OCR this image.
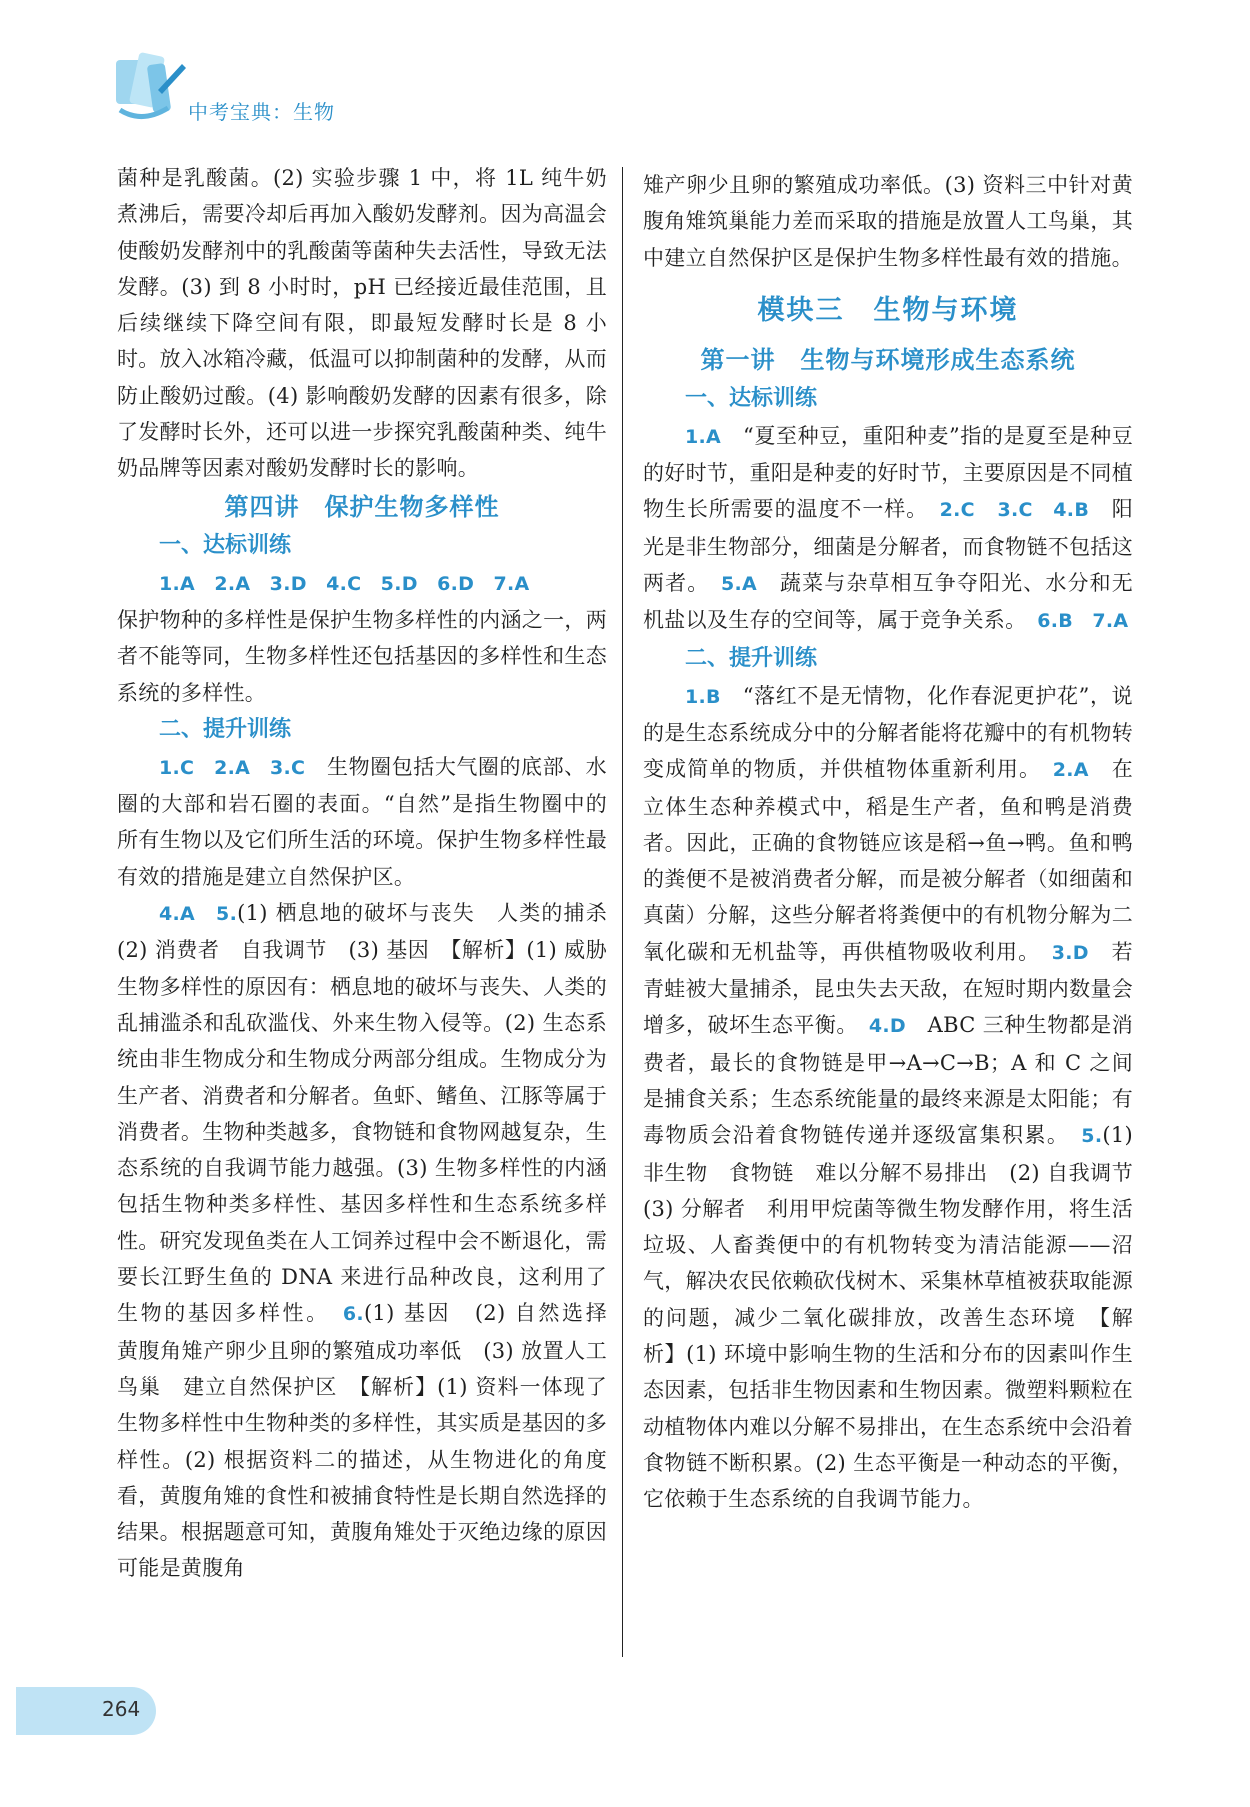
中考宝典：生物

菌种是乳酸菌。(2) 实验步骤 1 中，将 1L 纯牛奶煮沸后，需要冷却后再加入酸奶发酵剂。因为高温会使酸奶发酵剂中的乳酸菌等菌种失去活性，导致无法发酵。(3) 到 8 小时时，pH 已经接近最佳范围，且后续继续下降空间有限，即最短发酵时长是 8 小时。放入冰箱冷藏，低温可以抑制菌种的发酵，从而防止酸奶过酸。(4) 影响酸奶发酵的因素有很多，除了发酵时长外，还可以进一步探究乳酸菌种类、纯牛奶品牌等因素对酸奶发酵时长的影响。

第四讲　保护生物多样性

一、达标训练

1.A　2.A　3.D　4.C　5.D　6.D　7.A

保护物种的多样性是保护生物多样性的内涵之一，两者不能等同，生物多样性还包括基因的多样性和生态系统的多样性。

二、提升训练

1.C　2.A　3.C　 生物圈包括大气圈的底部、水圈的大部和岩石圈的表面。“自然”是指生物圈中的所有生物以及它们所生活的环境。保护生物多样性最有效的措施是建立自然保护区。

4.A　5.(1) 栖息地的破坏与丧失　人类的捕杀　(2) 消费者　自我调节　(3) 基因　【解析】(1) 威胁生物多样性的原因有：栖息地的破坏与丧失、人类的乱捕滥杀和乱砍滥伐、外来生物入侵等。(2) 生态系统由非生物成分和生物成分两部分组成。生物成分为生产者、消费者和分解者。鱼虾、鳍鱼、江豚等属于消费者。生物种类越多，食物链和食物网越复杂，生态系统的自我调节能力越强。(3) 生物多样性的内涵包括生物种类多样性、基因多样性和生态系统多样性。研究发现鱼类在人工饲养过程中会不断退化，需要长江野生鱼的 DNA 来进行品种改良，这利用了生物的基因多样性。　 6.(1) 基因　(2) 自然选择　黄腹角雉产卵少且卵的繁殖成功率低　(3) 放置人工鸟巢　建立自然保护区　【解析】(1) 资料一体现了生物多样性中生物种类的多样性，其实质是基因的多样性。(2) 根据资料二的描述，从生物进化的角度看，黄腹角雉的食性和被捕食特性是长期自然选择的结果。根据题意可知，黄腹角雉处于灭绝边缘的原因可能是黄腹角

雉产卵少且卵的繁殖成功率低。(3) 资料三中针对黄腹角雉筑巢能力差而采取的措施是放置人工鸟巢，其中建立自然保护区是保护生物多样性最有效的措施。

模块三　生物与环境

第一讲　生物与环境形成生态系统

一、达标训练

1.A　 “夏至种豆，重阳种麦”指的是夏至是种豆的好时节，重阳是种麦的好时节，主要原因是不同植物生长所需要的温度不一样。　 2.C　 3.C　4.B　 阳光是非生物部分，细菌是分解者，而食物链不包括这两者。　 5.A　 蔬菜与杂草相互争夺阳光、水分和无机盐以及生存的空间等，属于竞争关系。　 6.B　7.A

二、提升训练

1.B　 “落红不是无情物，化作春泥更护花”，说的是生态系统成分中的分解者能将花瓣中的有机物转变成简单的物质，并供植物体重新利用。　 2.A　 在立体生态种养模式中，稻是生产者，鱼和鸭是消费者。因此，正确的食物链应该是稻→鱼→鸭。鱼和鸭的粪便不是被消费者分解，而是被分解者（如细菌和真菌）分解，这些分解者将粪便中的有机物分解为二氧化碳和无机盐等，再供植物吸收利用。　 3.D　 若青蛙被大量捕杀，昆虫失去天敌，在短时期内数量会增多，破坏生态平衡。　 4.D　 ABC 三种生物都是消费者，最长的食物链是甲→A→C→B；A 和 C 之间是捕食关系；生态系统能量的最终来源是太阳能；有毒物质会沿着食物链传递并逐级富集积累。　 5.(1) 非生物　食物链　难以分解不易排出　(2) 自我调节　(3) 分解者　利用甲烷菌等微生物发酵作用，将生活垃圾、人畜粪便中的有机物转变为清洁能源——沼气，解决农民依赖砍伐树木、采集林草植被获取能源的问题，减少二氧化碳排放，改善生态环境　【解析】(1) 环境中影响生物的生活和分布的因素叫作生态因素，包括非生物因素和生物因素。微塑料颗粒在动植物体内难以分解不易排出，在生态系统中会沿着食物链不断积累。(2) 生态平衡是一种动态的平衡，它依赖于生态系统的自我调节能力。

264
